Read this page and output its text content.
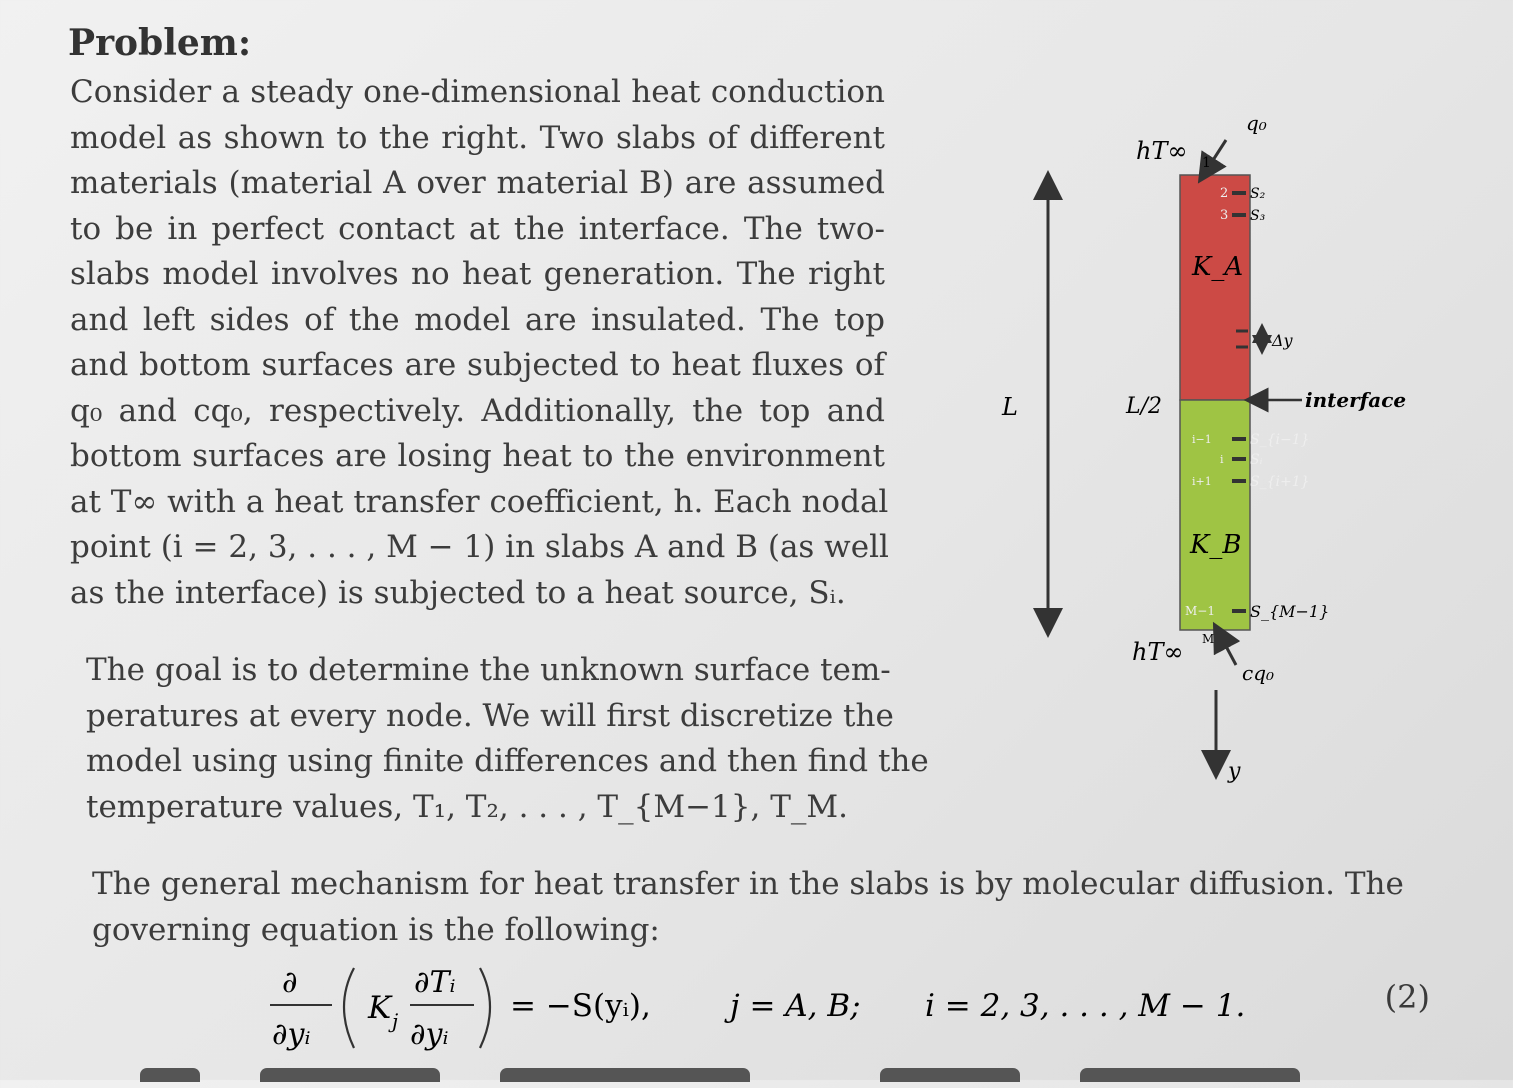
Problem:
Consider a steady one-dimensional heat conduction
model as shown to the right. Two slabs of different
materials (material A over material B) are assumed
to be in perfect contact at the interface. The two-
slabs model involves no heat generation. The right
and left sides of the model are insulated. The top
and bottom surfaces are subjected to heat fluxes of
q₀ and cq₀, respectively. Additionally, the top and
bottom surfaces are losing heat to the environment
at T∞ with a heat transfer coefficient, h. Each nodal
point (i = 2, 3, . . . , M − 1) in slabs A and B (as well
as the interface) is subjected to a heat source, Sᵢ.
The goal is to determine the unknown surface tem-
peratures at every node. We will first discretize the
model using using finite differences and then find the
temperature values, T₁, T₂, . . . , T_{M−1}, T_M.
The general mechanism for heat transfer in the slabs is by molecular diffusion. The
governing equation is the following:
∂
∂yᵢ
K j
∂Tᵢ
∂yᵢ
= −S(yᵢ),	j = A, B; i = 2, 3, . . . , M − 1.	(2)
L	L/2
q₀
hT∞ 1
2 S₂
3 S₃
K_A
Δy
interface
i−1	S_{i−1}
i Sᵢ
i+1	S_{i+1}
K_B
M−1 S_{M−1}
M
hT∞
cq₀
y
